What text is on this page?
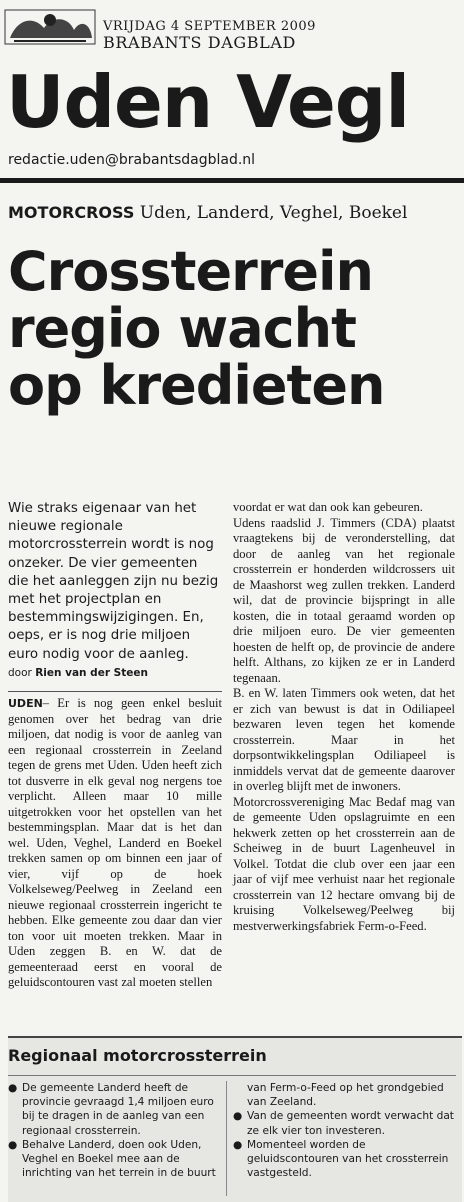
VRIJDAG 4 SEPTEMBER 2009
BRABANTS DAGBLAD
Uden Vegl
redactie.uden@brabantsdagblad.nl
MOTORCROSS Uden, Landerd, Veghel, Boekel
Crossterrein
regio wacht
op kredieten
Wie straks eigenaar van het nieuwe regionale motorcrossterrein wordt is nog onzeker. De vier gemeenten die het aanleggen zijn nu bezig met het projectplan en bestemmingswijzigingen. En, oeps, er is nog drie miljoen euro nodig voor de aanleg.
door Rien van der Steen

UDEN– Er is nog geen enkel besluit genomen over het bedrag van drie miljoen, dat nodig is voor de aanleg van een regionaal crossterrein in Zeeland tegen de grens met Uden. Uden heeft zich tot dusverre in elk geval nog nergens toe verplicht. Alleen maar 10 mille uitgetrokken voor het opstellen van het bestemmingsplan. Maar dat is het dan wel. Uden, Veghel, Landerd en Boekel trekken samen op om binnen een jaar of vier, vijf op de hoek Volkelseweg/Peelweg in Zeeland een nieuwe regionaal crossterrein ingericht te hebben. Elke gemeente zou daar dan vier ton voor uit moeten trekken. Maar in Uden zeggen B. en W. dat de gemeenteraad eerst en vooral de geluidscontouren vast zal moeten stellen

voordat er wat dan ook kan gebeuren.

Udens raadslid J. Timmers (CDA) plaatst vraagtekens bij de veronderstelling, dat door de aanleg van het regionale crossterrein er honderden wildcrossers uit de Maashorst weg zullen trekken. Landerd wil, dat de provincie bijspringt in alle kosten, die in totaal geraamd worden op drie miljoen euro. De vier gemeenten hoesten de helft op, de provincie de andere helft. Althans, zo kijken ze er in Landerd tegenaan.

B. en W. laten Timmers ook weten, dat het er zich van bewust is dat in Odiliapeel bezwaren leven tegen het komende crossterrein. Maar in het dorpsontwikkelingsplan Odiliapeel is inmiddels vervat dat de gemeente daarover in overleg blijft met de inwoners.

Motorcrossvereniging Mac Bedaf mag van de gemeente Uden opslagruimte en een hekwerk zetten op het crossterrein aan de Scheiweg in de buurt Lagenheuvel in Volkel. Totdat die club over een jaar een jaar of vijf mee verhuist naar het regionale crossterrein van 12 hectare omvang bij de kruising Volkelseweg/Peelweg bij mestverwerkingsfabriek Ferm-o-Feed.

Regionaal motorcrossterrein

● De gemeente Landerd heeft de provincie gevraagd 1,4 miljoen euro bij te dragen in de aanleg van een regionaal crossterrein.

● Behalve Landerd, doen ook Uden, Veghel en Boekel mee aan de inrichting van het terrein in de buurt

van Ferm-o-Feed op het grondgebied van Zeeland.

● Van de gemeenten wordt verwacht dat ze elk vier ton investeren.

● Momenteel worden de geluidscontouren van het crossterrein vastgesteld.
